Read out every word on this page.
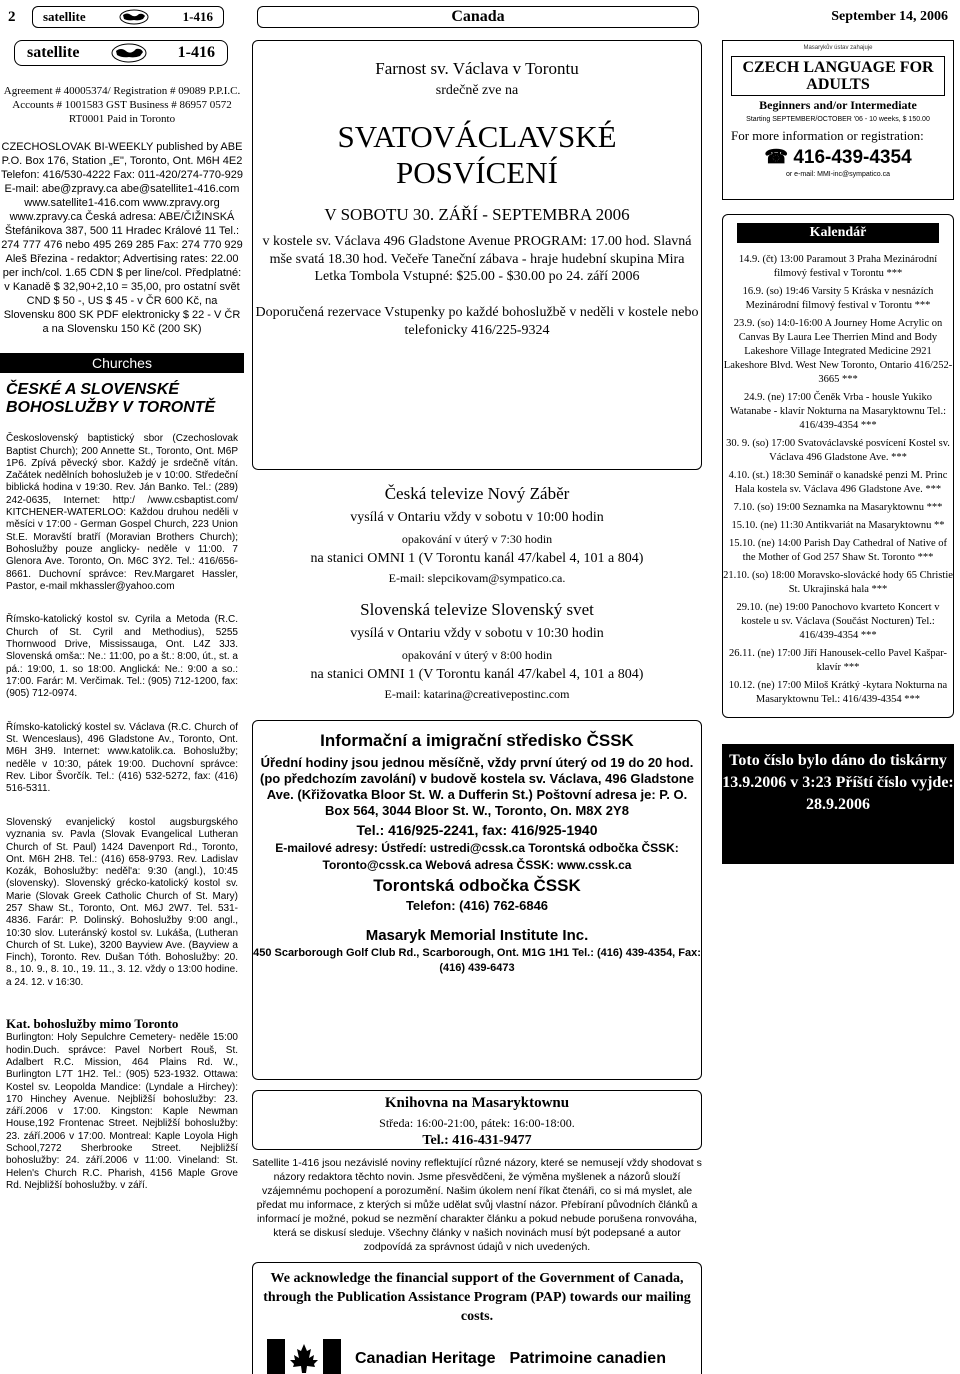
2 satellite	1-416	Canada	September 14, 2006
satellite	1-416

Agreement # 40005374/ Registration # 09089 P.P.I.C. Accounts # 1001583 GST Business # 86957 0572 RT0001 Paid in Toronto

CZECHOSLOVAK BI-WEEKLY published by ABE P.O. Box 176, Station „E", Toronto, Ont. M6H 4E2 Telefon: 416/530-4222 Fax: 011-420/274-770-929 E-mail: abe@zpravy.ca abe@satellite1-416.com www.satellite1-416.com www.zpravy.org www.zpravy.ca Česká adresa: ABE/ČIŽINSKÁ Štefánikova 387, 500 11 Hradec Králové 11 Tel.: 274 777 476 nebo 495 269 285 Fax: 274 770 929 Aleš Březina - redaktor; Advertising rates: 22.00 per inch/col. 1.65 CDN $ per line/col. Předplatné: v Kanadě $ 32,90+2,10 = 35,00, pro ostatní svět CND $ 50 -, US $ 45 - v ČR 600 Kč, na Slovensku 800 SK PDF elektronicky $ 22 - V ČR a na Slovensku 150 Kč (200 SK)

Churches
ČESKÉ A SLOVENSKÉ BOHOSLUŽBY V TORONTĚ

Československý baptistický sbor (Czechoslovak Baptist Church); 200 Annette St., Toronto, Ont. M6P 1P6. Zpívá pěvecký sbor. Každý je srdečně vítán. Začátek nedělních bohoslužeb je v 10:00. Středeční biblická hodina v 19:30. Rev. Ján Banko. Tel.: (289) 242-0635, Internet: http:/ /www.csbaptist.com/ KITCHENER-WATERLOO: Každou druhou neděli v měsíci v 17:00 - German Gospel Church, 223 Union St.E. Moravští bratří (Moravian Brothers Church); Bohoslužby pouze anglicky- neděle v 11:00. 7 Glenora Ave. Toronto, On. M6C 3Y2. Tel.: 416/656-8661. Duchovní správce: Rev.Margaret Hassler, Pastor, e-mail mkhassler@yahoo.com

Římsko-katolický kostol sv. Cyrila a Metoda (R.C. Church of St. Cyril and Methodius), 5255 Thornwood Drive, Mississauga, Ont. L4Z 3J3. Slovenská omša:: Ne.: 11:00, po a št.: 8:00, út., st. a pá.: 19:00, 1. so 18:00. Anglická: Ne.: 9:00 a so.: 17:00. Farár: M. Verčimak. Tel.: (905) 712-1200, fax: (905) 712-0974.

Římsko-katolický kostel sv. Václava (R.C. Church of St. Wenceslaus), 496 Gladstone Av., Toronto, Ont. M6H 3H9. Internet: www.katolik.ca. Bohoslužby; neděle v 10:30, pátek 19:00. Duchovní správce: Rev. Libor Švorčík. Tel.: (416) 532-5272, fax: (416) 516-5311.

Slovenský evanjelický kostol augsburgského vyznania sv. Pavla (Slovak Evangelical Lutheran Church of St. Paul) 1424 Davenport Rd., Toronto, Ont. M6H 2H8. Tel.: (416) 658-9793. Rev. Ladislav Kozák, Bohoslužby: neděl'a: 9:30 (angl.), 10:45 (slovensky). Slovenský grécko-katolický kostol sv. Marie (Slovak Greek Catholic Church of St. Mary) 257 Shaw St., Toronto, Ont. M6J 2W7. Tel. 531-4836. Farár: P. Dolinský. Bohoslužby 9:00 angl., 10:30 slov. Luteránský kostol sv. Lukáša, (Lutheran Church of St. Luke), 3200 Bayview Ave. (Bayview a Finch), Toronto. Rev. Dušan Tóth. Bohoslužby: 20. 8., 10. 9., 8. 10., 19. 11., 3. 12. vždy o 13:00 hodine. a 24. 12. v 16:30.

Kat. bohoslužby mimo Toronto
Burlington: Holy Sepulchre Cemetery- neděle 15:00 hodin.Duch. správce: Pavel Norbert Rouš, St. Adalbert R.C. Mission, 464 Plains Rd. W., Burlington L7T 1H2. Tel.: (905) 523-1932. Ottawa: Kostel sv. Leopolda Mandice: (Lyndale a Hirchey): 170 Hinchey Avenue. Nejbližší bohoslužby: 23. září.2006 v 17:00. Kingston: Kaple Newman House,192 Frontenac Street. Nejbližší bohoslužby: 23. září.2006 v 17:00. Montreal: Kaple Loyola High School,7272 Sherbrooke Street. Nejbližší bohoslužby: 24. září.2006 v 11:00. Vineland: St. Helen's Church R.C. Pharish, 4156 Maple Grove Rd. Nejbližší bohoslužby. v září.
Farnost sv. Václava v Torontu
srdečně zve na
SVATOVÁCLAVSKÉ POSVÍCENÍ
V SOBOTU 30. ZÁŘÍ - SEPTEMBRA 2006
v kostele sv. Václava 496 Gladstone Avenue PROGRAM: 17.00 hod. Slavná mše svatá 18.30 hod. Večeře Taneční zábava - hraje hudební skupina Mira Letka Tombola Vstupné: $25.00 - $30.00 po 24. září 2006
Doporučená rezervace Vstupenky po každé bohoslužbě v neděli v kostele nebo telefonicky 416/225-9324
Česká televize Nový Záběr
vysílá v Ontariu vždy v sobotu v 10:00 hodin
opakování v úterý v 7:30 hodin
na stanici OMNI 1 (V Torontu kanál 47/kabel 4, 101 a 804)
E-mail: slepcikovam@sympatico.ca.
Slovenská televize Slovenský svet
vysílá v Ontariu vždy v sobotu v 10:30 hodin
opakování v úterý v 8:00 hodin
na stanici OMNI 1 (V Torontu kanál 47/kabel 4, 101 a 804)
E-mail: katarina@creativepostinc.com
Informační a imigrační středisko ČSSK
Úřední hodiny jsou jednou měsíčně, vždy první úterý od 19 do 20 hod. (po předchozím zavolání) v budově kostela sv. Václava, 496 Gladstone Ave. (Křižovatka Bloor St. W. a Dufferin St.) Poštovní adresa je: P. O. Box 564, 3044 Bloor St. W., Toronto, On. M8X 2Y8
Tel.: 416/925-2241, fax: 416/925-1940
E-mailové adresy: Ústředí: ustredi@cssk.ca Torontská odbočka ČSSK: Toronto@cssk.ca Webová adresa ČSSK: www.cssk.ca
Torontská odbočka ČSSK
Telefon: (416) 762-6846
Masaryk Memorial Institute Inc.
450 Scarborough Golf Club Rd., Scarborough, Ont. M1G 1H1 Tel.: (416) 439-4354, Fax: (416) 439-6473
Knihovna na Masaryktownu
Středa: 16:00-21:00, pátek: 16:00-18:00.
Tel.: 416-431-9477
Satellite 1-416 jsou nezávislé noviny reflektující různé názory, které se nemusejí vždy shodovat s názory redaktora těchto novin. Jsme přesvědčeni, že výměna myšlenek a názorů slouží vzájemnému pochopení a porozumění. Našim úkolem není říkat čtenáři, co si má myslet, ale předat mu informace, z kterých si může udělat svůj vlastní názor. Přebíraní původních článků a informací je možné, pokud se nezmění charakter článku a pokud nebude porušena ronvováha, která se diskusí sleduje. Všechny články v našich novinách musí být podepsané a autor zodpovídá za správnost údajů v nich uvedených.
We acknowledge the financial support of the Government of Canada, through the Publication Assistance Program (PAP) towards our mailing costs.
Canadian Heritage Patrimoine canadien
Masarykův ústav zahajuje
CZECH LANGUAGE FOR ADULTS
Beginners and/or Intermediate
Starting SEPTEMBER/OCTOBER '06 - 10 weeks, $ 150.00
For more information or registration:
☎ 416-439-4354
or e-mail: MMI-inc@sympatico.ca
Kalendář
14.9. (čt) 13:00 Paramout 3 Praha Mezinárodní filmový festival v Torontu ***
16.9. (so) 19:46 Varsity 5 Kráska v nesnázích Mezinárodní filmový festival v Torontu ***
23.9. (so) 14:0-16:00 A Journey Home Acrylic on Canvas By Laura Lee Therrien Mind and Body Lakeshore Village Integrated Medicine 2921 Lakeshore Blvd. West New Toronto, Ontario 416/252-3665 ***
24.9. (ne) 17:00 Čeněk Vrba - housle Yukiko Watanabe - klavír Nokturna na Masaryktownu Tel.: 416/439-4354 ***
30. 9. (so) 17:00 Svatováclavské posvícení Kostel sv. Václava 496 Gladstone Ave. ***
4.10. (st.) 18:30 Seminář o kanadské penzi M. Princ Hala kostela sv. Václava 496 Gladstone Ave. ***
7.10. (so) 19:00 Seznamka na Masaryktownu ***
15.10. (ne) 11:30 Antikvariát na Masaryktownu **
15.10. (ne) 14:00 Parish Day Cathedral of Native of the Mother of God 257 Shaw St. Toronto ***
21.10. (so) 18:00 Moravsko-slovácké hody 65 Christie St. Ukrajinská hala ***
29.10. (ne) 19:00 Panochovo kvarteto Koncert v kostele u sv. Václava (Součást Nocturen) Tel.: 416/439-4354 ***
26.11. (ne) 17:00 Jiří Hanousek-cello Pavel Kašpar-klavír ***
10.12. (ne) 17:00 Miloš Krátký -kytara Nokturna na Masaryktownu Tel.: 416/439-4354 ***
Toto číslo bylo dáno do tiskárny 13.9.2006 v 3:23 Příští číslo vyjde: 28.9.2006
